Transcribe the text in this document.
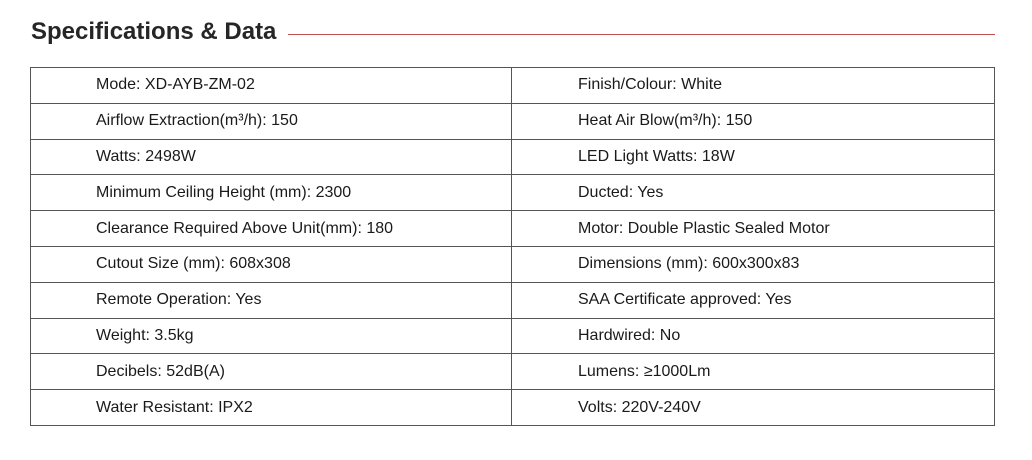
Specifications & Data
Mode: XD-AYB-ZM-02	Finish/Colour: White
Airflow Extraction(m³/h): 150	Heat Air Blow(m³/h): 150
Watts: 2498W	LED Light Watts: 18W
Minimum Ceiling Height (mm): 2300	Ducted: Yes
Clearance Required Above Unit(mm): 180	Motor: Double Plastic Sealed Motor
Cutout Size (mm): 608x308	Dimensions (mm): 600x300x83
Remote Operation: Yes	SAA Certificate approved: Yes
Weight: 3.5kg	Hardwired: No
Decibels: 52dB(A)	Lumens: ≥1000Lm
Water Resistant: IPX2	Volts: 220V-240V
